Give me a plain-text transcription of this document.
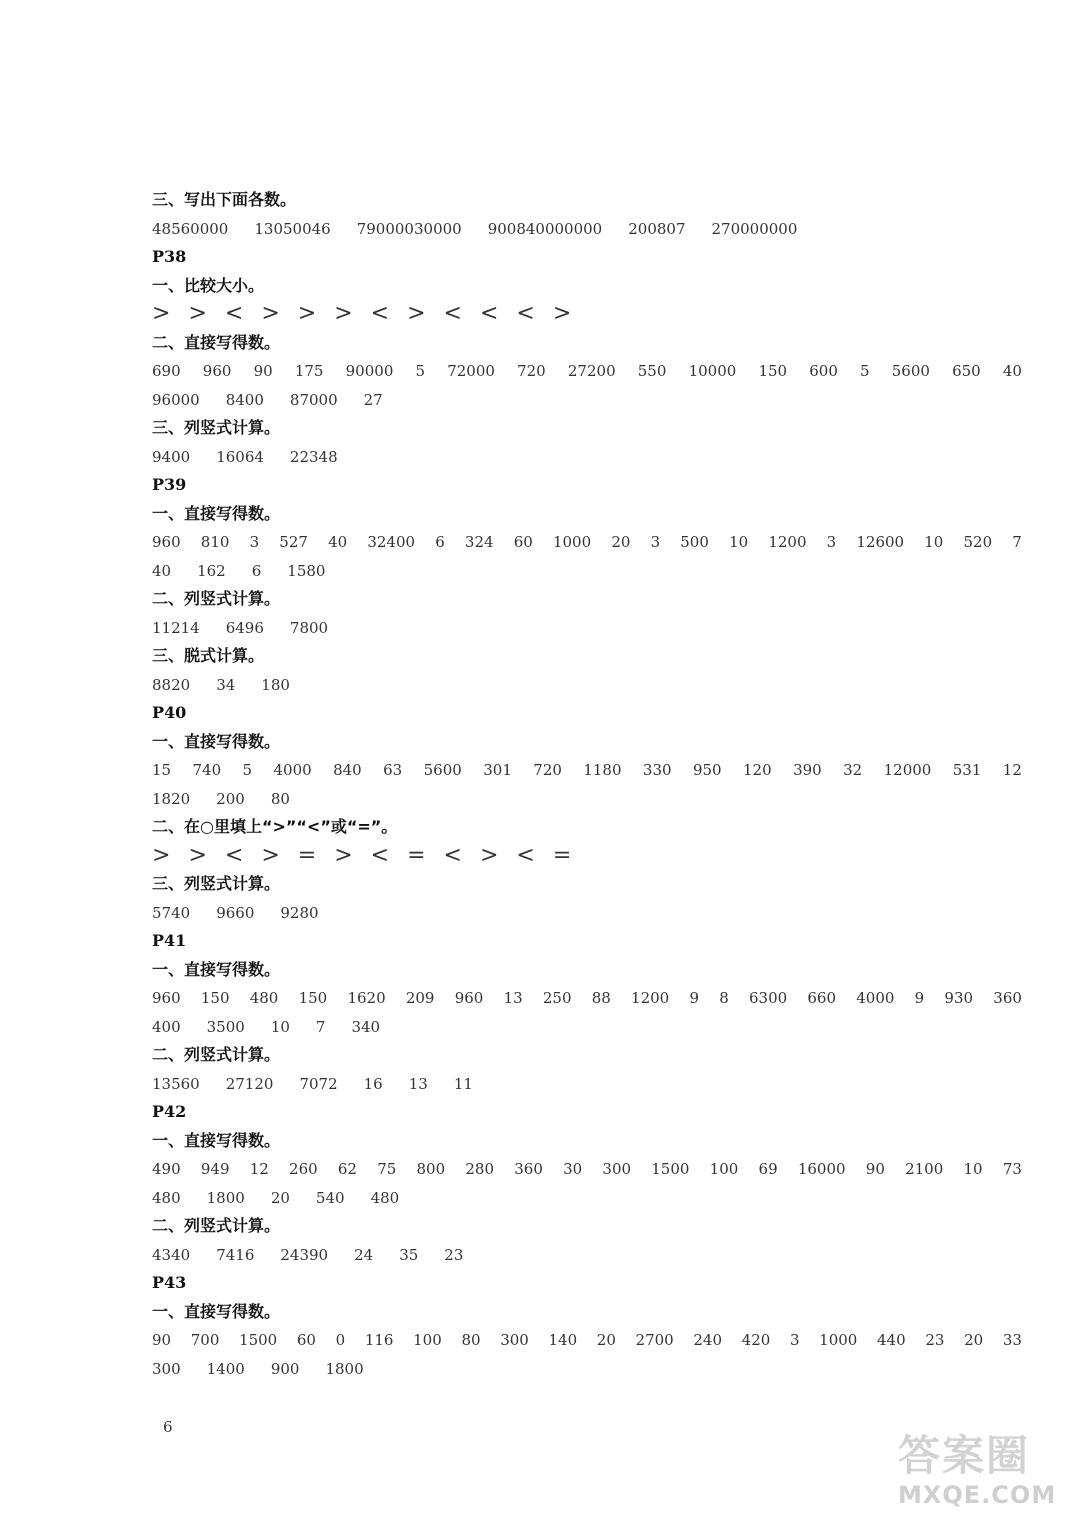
三、写出下面各数。
48560000 13050046 79000030000 900840000000 200807 270000000
P38
一、比较大小。
> > < > > > < > < < < >
二、直接写得数。
690 960 90 175 90000 5 72000 720 27200 550 10000 150 600 5 5600 650 40
96000 8400 87000 27
三、列竖式计算。
9400 16064 22348
P39
一、直接写得数。
960 810 3 527 40 32400 6 324 60 1000 20 3 500 10 1200 3 12600 10 520 7
40 162 6 1580
二、列竖式计算。
11214 6496 7800
三、脱式计算。
8820 34 180
P40
一、直接写得数。
15 740 5 4000 840 63 5600 301 720 1180 330 950 120 390 32 12000 531 12
1820 200 80
二、在○里填上“>”“<”或“=”。
> > < > = > < = < > < =
三、列竖式计算。
5740 9660 9280
P41
一、直接写得数。
960 150 480 150 1620 209 960 13 250 88 1200 9 8 6300 660 4000 9 930 360
400 3500 10 7 340
二、列竖式计算。
13560 27120 7072 16 13 11
P42
一、直接写得数。
490 949 12 260 62 75 800 280 360 30 300 1500 100 69 16000 90 2100 10 73
480 1800 20 540 480
二、列竖式计算。
4340 7416 24390 24 35 23
P43
一、直接写得数。
90 700 1500 60 0 116 100 80 300 140 20 2700 240 420 3 1000 440 23 20 33
300 1400 900 1800
6
答案圈
MXQE.COM
